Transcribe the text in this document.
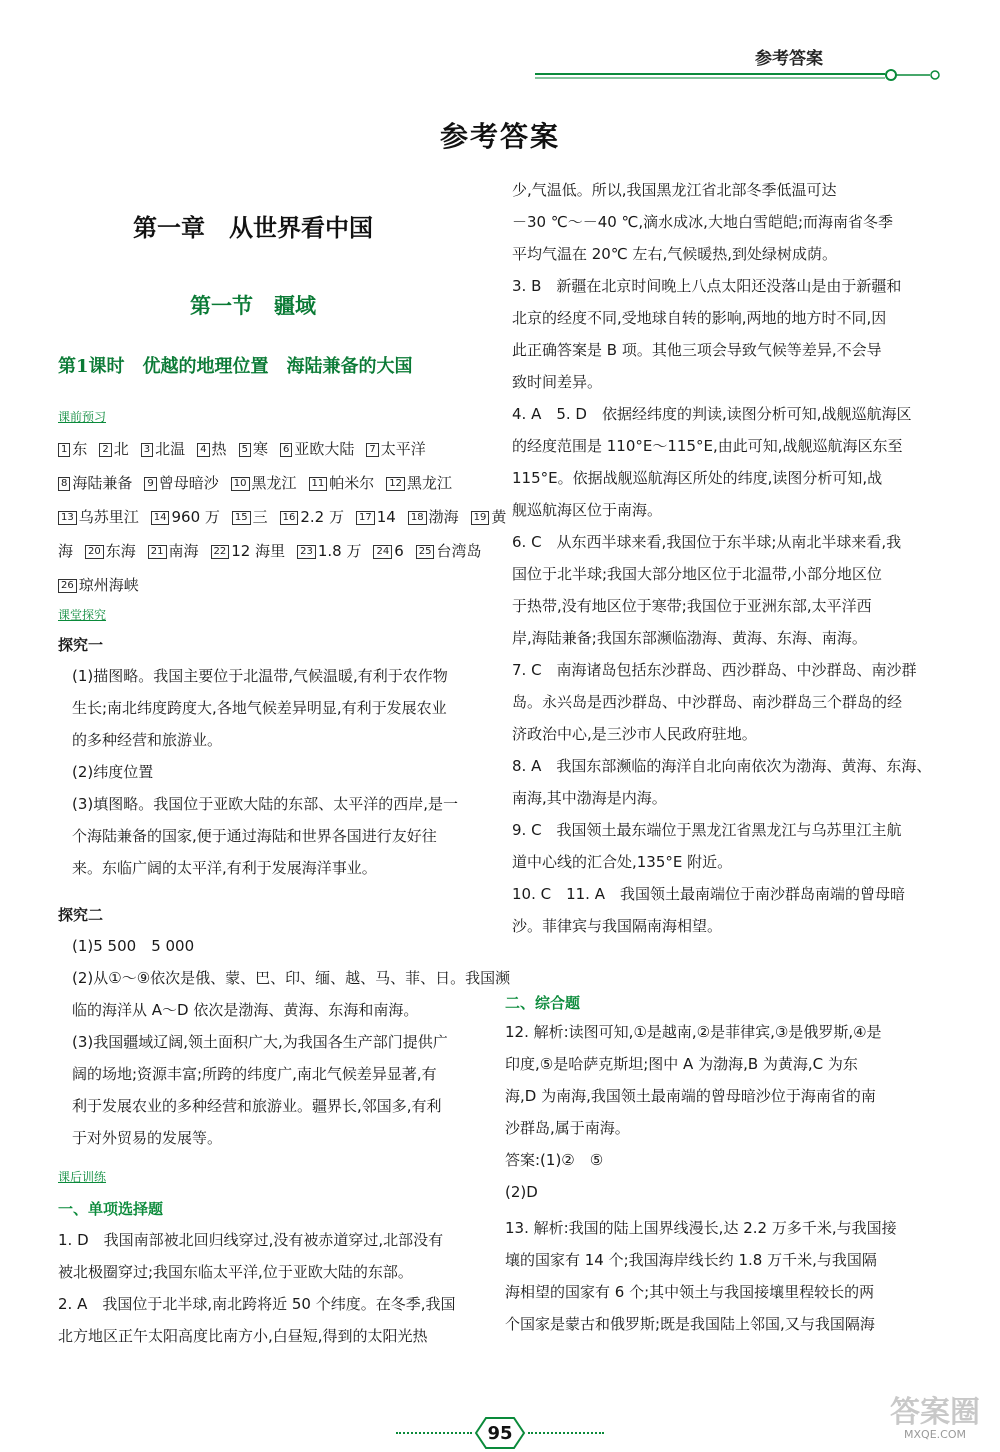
参考答案
参考答案
第一章　从世界看中国
第一节　疆域
第1课时　优越的地理位置　海陆兼备的大国
课前预习
1 东 2 北 3 北温 4 热 5 寒 6 亚欧大陆 7 太平洋
8 海陆兼备 9 曾母暗沙 10 黑龙江 11 帕米尔 12 黑龙江
13 乌苏里江 14 960 万 15 三 16 2.2 万 17 14 18 渤海 19 黄
海 20 东海 21 南海 22 12 海里 23 1.8 万 24 6 25 台湾岛
26 琼州海峡
课堂探究
探究一
(1)描图略。我国主要位于北温带,气候温暖,有利于农作物
生长;南北纬度跨度大,各地气候差异明显,有利于发展农业
的多种经营和旅游业。
(2)纬度位置
(3)填图略。我国位于亚欧大陆的东部、太平洋的西岸,是一
个海陆兼备的国家,便于通过海陆和世界各国进行友好往
来。东临广阔的太平洋,有利于发展海洋事业。
探究二
(1)5 500　5 000
(2)从①～⑨依次是俄、蒙、巴、印、缅、越、马、菲、日。我国濒
临的海洋从 A～D 依次是渤海、黄海、东海和南海。
(3)我国疆域辽阔,领土面积广大,为我国各生产部门提供广
阔的场地;资源丰富;所跨的纬度广,南北气候差异显著,有
利于发展农业的多种经营和旅游业。疆界长,邻国多,有利
于对外贸易的发展等。
课后训练
一、单项选择题
1. D　我国南部被北回归线穿过,没有被赤道穿过,北部没有
被北极圈穿过;我国东临太平洋,位于亚欧大陆的东部。
2. A　我国位于北半球,南北跨将近 50 个纬度。在冬季,我国
北方地区正午太阳高度比南方小,白昼短,得到的太阳光热
少,气温低。所以,我国黑龙江省北部冬季低温可达
－30 ℃～－40 ℃,滴水成冰,大地白雪皑皑;而海南省冬季
平均气温在 20℃ 左右,气候暖热,到处绿树成荫。
3. B　新疆在北京时间晚上八点太阳还没落山是由于新疆和
北京的经度不同,受地球自转的影响,两地的地方时不同,因
此正确答案是 B 项。其他三项会导致气候等差异,不会导
致时间差异。
4. A　5. D　依据经纬度的判读,读图分析可知,战舰巡航海区
的经度范围是 110°E～115°E,由此可知,战舰巡航海区东至
115°E。依据战舰巡航海区所处的纬度,读图分析可知,战
舰巡航海区位于南海。
6. C　从东西半球来看,我国位于东半球;从南北半球来看,我
国位于北半球;我国大部分地区位于北温带,小部分地区位
于热带,没有地区位于寒带;我国位于亚洲东部,太平洋西
岸,海陆兼备;我国东部濒临渤海、黄海、东海、南海。
7. C　南海诸岛包括东沙群岛、西沙群岛、中沙群岛、南沙群
岛。永兴岛是西沙群岛、中沙群岛、南沙群岛三个群岛的经
济政治中心,是三沙市人民政府驻地。
8. A　我国东部濒临的海洋自北向南依次为渤海、黄海、东海、
南海,其中渤海是内海。
9. C　我国领土最东端位于黑龙江省黑龙江与乌苏里江主航
道中心线的汇合处,135°E 附近。
10. C　11. A　我国领土最南端位于南沙群岛南端的曾母暗
沙。菲律宾与我国隔南海相望。
二、综合题
12. 解析:读图可知,①是越南,②是菲律宾,③是俄罗斯,④是
印度,⑤是哈萨克斯坦;图中 A 为渤海,B 为黄海,C 为东
海,D 为南海,我国领土最南端的曾母暗沙位于海南省的南
沙群岛,属于南海。
答案:(1)②　⑤
(2)D
13. 解析:我国的陆上国界线漫长,达 2.2 万多千米,与我国接
壤的国家有 14 个;我国海岸线长约 1.8 万千米,与我国隔
海相望的国家有 6 个;其中领土与我国接壤里程较长的两
个国家是蒙古和俄罗斯;既是我国陆上邻国,又与我国隔海
95
答案圈
MXQE.COM
